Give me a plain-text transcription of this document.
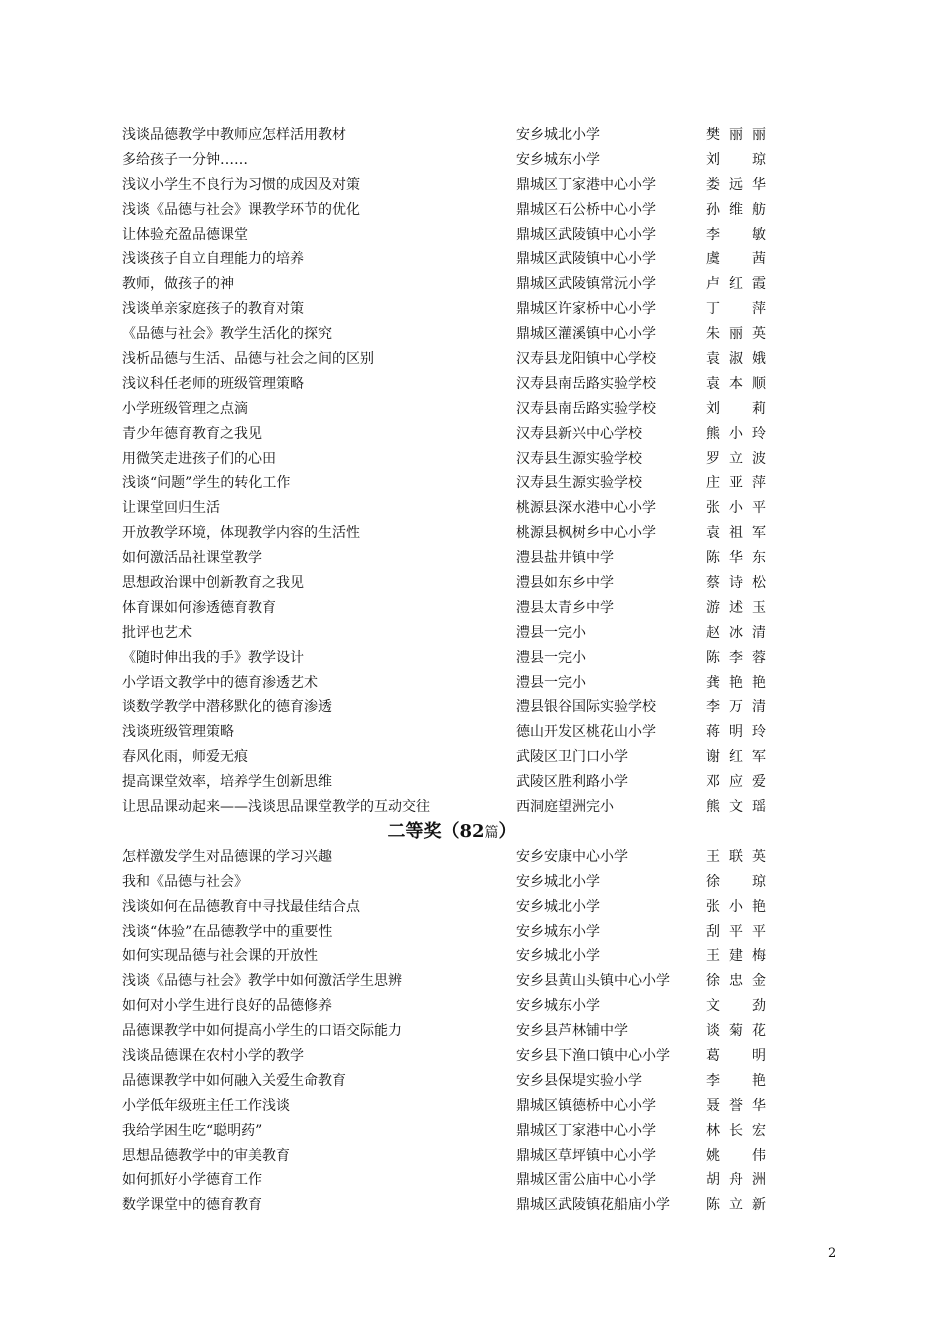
浅谈品德教学中教师应怎样活用教材	安乡城北小学	樊丽丽
多给孩子一分钟……	安乡城东小学	刘琼
浅议小学生不良行为习惯的成因及对策	鼎城区丁家港中心小学	娄远华
浅谈《品德与社会》课教学环节的优化	鼎城区石公桥中心小学	孙维舫
让体验充盈品德课堂	鼎城区武陵镇中心小学	李敏
浅谈孩子自立自理能力的培养	鼎城区武陵镇中心小学	虞茜
教师，做孩子的神	鼎城区武陵镇常沅小学	卢红霞
浅谈单亲家庭孩子的教育对策	鼎城区许家桥中心小学	丁萍
《品德与社会》教学生活化的探究	鼎城区灌溪镇中心小学	朱丽英
浅析品德与生活、品德与社会之间的区别	汉寿县龙阳镇中心学校	袁淑娥
浅议科任老师的班级管理策略	汉寿县南岳路实验学校	袁本顺
小学班级管理之点滴	汉寿县南岳路实验学校	刘莉
青少年德育教育之我见	汉寿县新兴中心学校	熊小玲
用微笑走进孩子们的心田	汉寿县生源实验学校	罗立波
浅谈“问题”学生的转化工作	汉寿县生源实验学校	庄亚萍
让课堂回归生活	桃源县深水港中心小学	张小平
开放教学环境，体现教学内容的生活性	桃源县枫树乡中心小学	袁祖军
如何激活品社课堂教学	澧县盐井镇中学	陈华东
思想政治课中创新教育之我见	澧县如东乡中学	蔡诗松
体育课如何渗透德育教育	澧县太青乡中学	游述玉
批评也艺术	澧县一完小	赵冰清
《随时伸出我的手》教学设计	澧县一完小	陈李蓉
小学语文教学中的德育渗透艺术	澧县一完小	龚艳艳
谈数学教学中潜移默化的德育渗透	澧县银谷国际实验学校	李万清
浅谈班级管理策略	德山开发区桃花山小学	蒋明玲
春风化雨，师爱无痕	武陵区卫门口小学	谢红军
提高课堂效率，培养学生创新思维	武陵区胜利路小学	邓应爱
让思品课动起来——浅谈思品课堂教学的互动交往	西洞庭望洲完小	熊文瑶
二等奖（82篇）
怎样激发学生对品德课的学习兴趣	安乡安康中心小学	王联英
我和《品德与社会》	安乡城北小学	徐琼
浅谈如何在品德教育中寻找最佳结合点	安乡城北小学	张小艳
浅谈“体验”在品德教学中的重要性	安乡城东小学	刮平平
如何实现品德与社会课的开放性	安乡城北小学	王建梅
浅谈《品德与社会》教学中如何激活学生思辨	安乡县黄山头镇中心小学	徐忠金
如何对小学生进行良好的品德修养	安乡城东小学	文劲
品德课教学中如何提高小学生的口语交际能力	安乡县芦林铺中学	谈菊花
浅谈品德课在农村小学的教学	安乡县下渔口镇中心小学	葛明
品德课教学中如何融入关爱生命教育	安乡县保堤实验小学	李艳
小学低年级班主任工作浅谈	鼎城区镇德桥中心小学	聂誉华
我给学困生吃“聪明药”	鼎城区丁家港中心小学	林长宏
思想品德教学中的审美教育	鼎城区草坪镇中心小学	姚伟
如何抓好小学德育工作	鼎城区雷公庙中心小学	胡舟洲
数学课堂中的德育教育	鼎城区武陵镇花船庙小学	陈立新
2
